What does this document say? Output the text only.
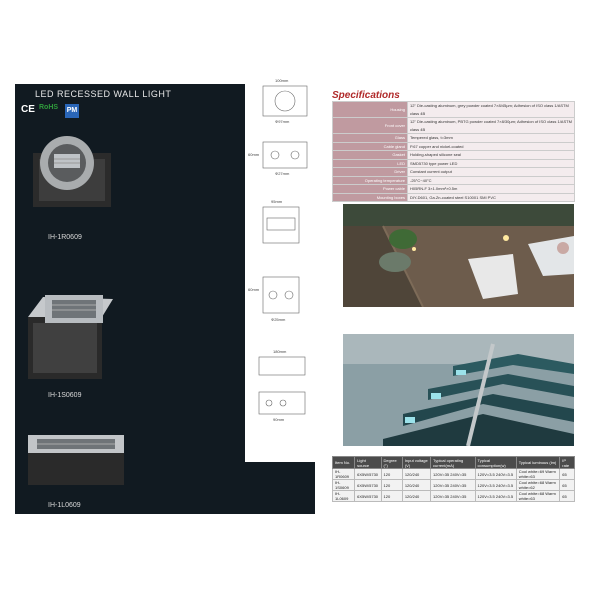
LED RECESSED WALL LIGHT
CE RoHS PM
IH-1R0609
IH-1S0609
IH-1L0609
100mm
Φ97mm
60mm
Φ27mm
95mm
60mm
Φ25mm
180mm
90mm
Specifications
Housing	12" Die-casting aluminum, grey powder coated 7×8/45µm; Adhesion of ISO class 1/ASTM class 4B
Front cover	12" Die-casting aluminum, PBTG powder coated 7×8/30µm; Adhesion of ISO class 1/ASTM class 4B
Glass	Tempered glass, t=3mm
Cable gland	P.67 copper and nickel-coated
Gasket	Holding-shaped silicone seal
LED	SMD5730 type power LED
Driver	Constant current output
Operating temperature	-25°C~40°C
Power cable	H05RN-F 3×1.0mm²×0.5m
Mounting boxes	DIY-D601, Ga.Zn-coated steel S10001 SMI PVC
Item No.	Light source	Degree (°)	Input voltage (V)	Typical operating current(mA)	Typical consumption(w)	Typical luminous (lm)	IP rate
IH-1R0609	6X5W/5730	120	120/240	120V=35 240V=35	120V=3.5 240V=3.5	Cool white=69 Warm white=63	65
IH-1S0609	6X5W/5730	120	120/240	120V=35 240V=35	120V=3.5 240V=3.5	Cool white=68 Warm white=62	65
IH-1L0609	6X5W/5730	120	120/240	120V=35 240V=35	120V=3.5 240V=3.5	Cool white=68 Warm white=63	65
